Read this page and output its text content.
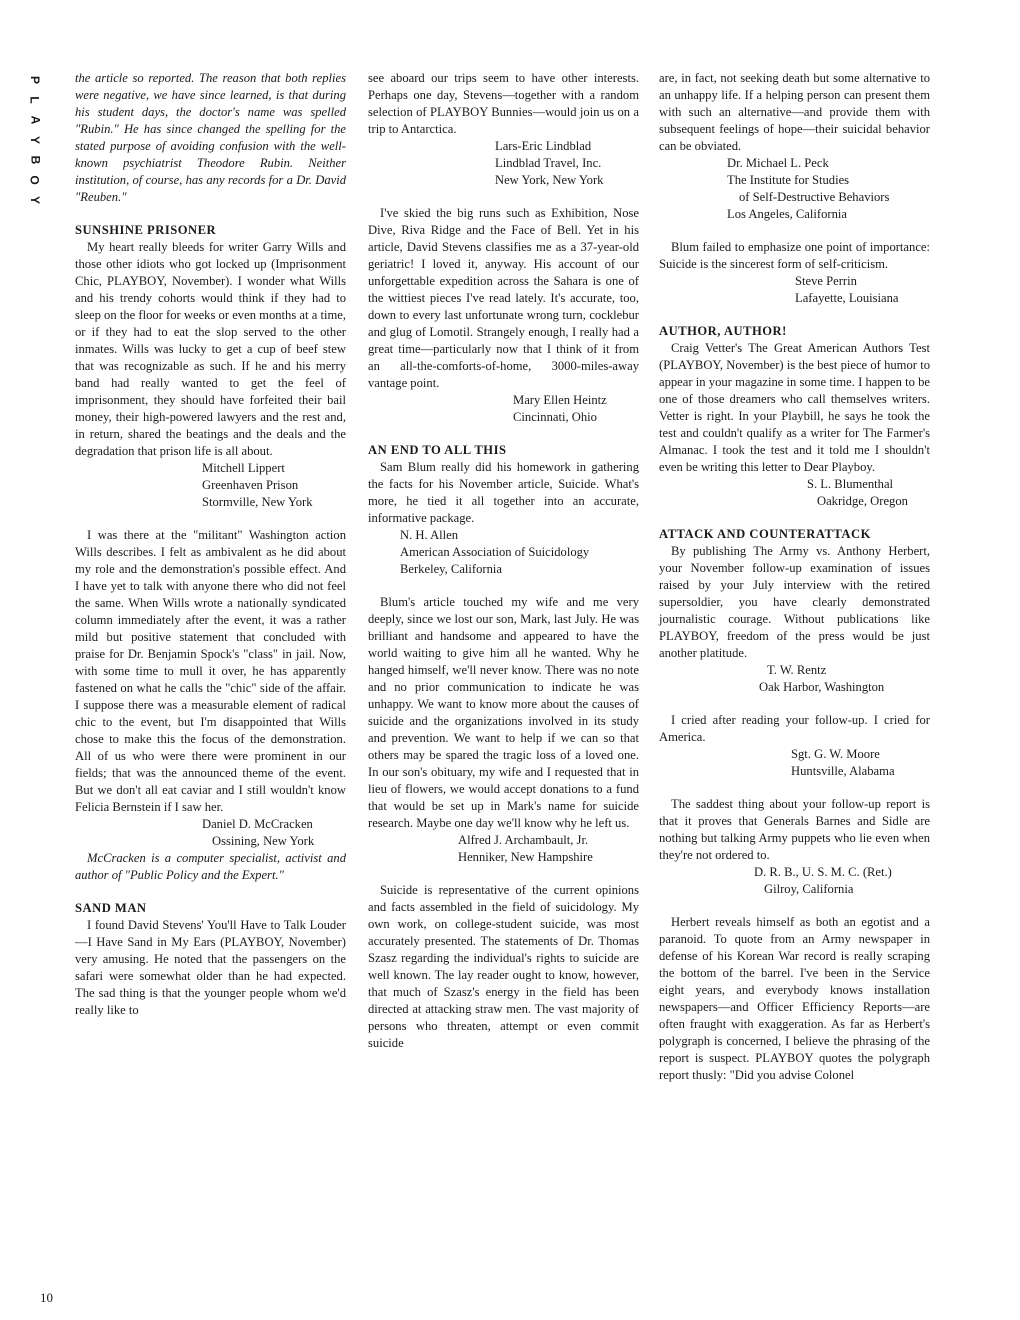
P
L
A
Y
B
O
Y
10

the article so reported. The reason that both replies were negative, we have since learned, is that during his student days, the doctor's name was spelled "Rubin." He has since changed the spelling for the stated purpose of avoiding confusion with the well-known psychiatrist Theodore Rubin. Neither institution, of course, has any records for a Dr. David "Reuben."

SUNSHINE PRISONER

My heart really bleeds for writer Garry Wills and those other idiots who got locked up (Imprisonment Chic, PLAYBOY, November). I wonder what Wills and his trendy cohorts would think if they had to sleep on the floor for weeks or even months at a time, or if they had to eat the slop served to the other inmates. Wills was lucky to get a cup of beef stew that was recognizable as such. If he and his merry band had really wanted to get the feel of imprisonment, they should have forfeited their bail money, their high-powered lawyers and the rest and, in return, shared the beatings and the deals and the degradation that prison life is all about.

Mitchell Lippert
Greenhaven Prison
Stormville, New York

I was there at the "militant" Washington action Wills describes. I felt as ambivalent as he did about my role and the demonstration's possible effect. And I have yet to talk with anyone there who did not feel the same. When Wills wrote a nationally syndicated column immediately after the event, it was a rather mild but positive statement that concluded with praise for Dr. Benjamin Spock's "class" in jail. Now, with some time to mull it over, he has apparently fastened on what he calls the "chic" side of the affair. I suppose there was a measurable element of radical chic to the event, but I'm disappointed that Wills chose to make this the focus of the demonstration. All of us who were there were prominent in our fields; that was the announced theme of the event. But we don't all eat caviar and I still wouldn't know Felicia Bernstein if I saw her.

Daniel D. McCracken
Ossining, New York

McCracken is a computer specialist, activist and author of "Public Policy and the Expert."

SAND MAN

I found David Stevens' You'll Have to Talk Louder—I Have Sand in My Ears (PLAYBOY, November) very amusing. He noted that the passengers on the safari were somewhat older than he had expected. The sad thing is that the younger people whom we'd really like to

see aboard our trips seem to have other interests. Perhaps one day, Stevens—together with a random selection of PLAYBOY Bunnies—would join us on a trip to Antarctica.

Lars-Eric Lindblad
Lindblad Travel, Inc.
New York, New York

I've skied the big runs such as Exhibition, Nose Dive, Riva Ridge and the Face of Bell. Yet in his article, David Stevens classifies me as a 37-year-old geriatric! I loved it, anyway. His account of our unforgettable expedition across the Sahara is one of the wittiest pieces I've read lately. It's accurate, too, down to every last unfortunate wrong turn, cocklebur and glug of Lomotil. Strangely enough, I really had a great time—particularly now that I think of it from an all-the-comforts-of-home, 3000-miles-away vantage point.

Mary Ellen Heintz
Cincinnati, Ohio
AN END TO ALL THIS

Sam Blum really did his homework in gathering the facts for his November article, Suicide. What's more, he tied it all together into an accurate, informative package.

N. H. Allen
American Association of Suicidology
Berkeley, California

Blum's article touched my wife and me very deeply, since we lost our son, Mark, last July. He was brilliant and handsome and appeared to have the world waiting to give him all he wanted. Why he hanged himself, we'll never know. There was no note and no prior communication to indicate he was unhappy. We want to know more about the causes of suicide and the organizations involved in its study and prevention. We want to help if we can so that others may be spared the tragic loss of a loved one. In our son's obituary, my wife and I requested that in lieu of flowers, we would accept donations to a fund that would be set up in Mark's name for suicide research. Maybe one day we'll know why he left us.

Alfred J. Archambault, Jr.
Henniker, New Hampshire

Suicide is representative of the current opinions and facts assembled in the field of suicidology. My own work, on college-student suicide, was most accurately presented. The statements of Dr. Thomas Szasz regarding the individual's rights to suicide are well known. The lay reader ought to know, however, that much of Szasz's energy in the field has been directed at attacking straw men. The vast majority of persons who threaten, attempt or even commit suicide

are, in fact, not seeking death but some alternative to an unhappy life. If a helping person can present them with such an alternative—and provide them with subsequent feelings of hope—their suicidal behavior can be obviated.

Dr. Michael L. Peck
The Institute for Studies
of Self-Destructive Behaviors
Los Angeles, California

Blum failed to emphasize one point of importance: Suicide is the sincerest form of self-criticism.

Steve Perrin
Lafayette, Louisiana
AUTHOR, AUTHOR!

Craig Vetter's The Great American Authors Test (PLAYBOY, November) is the best piece of humor to appear in your magazine in some time. I happen to be one of those dreamers who call themselves writers. Vetter is right. In your Playbill, he says he took the test and couldn't qualify as a writer for The Farmer's Almanac. I took the test and it told me I shouldn't even be writing this letter to Dear Playboy.

S. L. Blumenthal
Oakridge, Oregon
ATTACK AND COUNTERATTACK

By publishing The Army vs. Anthony Herbert, your November follow-up examination of issues raised by your July interview with the retired supersoldier, you have clearly demonstrated journalistic courage. Without publications like PLAYBOY, freedom of the press would be just another platitude.

T. W. Rentz
Oak Harbor, Washington

I cried after reading your follow-up. I cried for America.

Sgt. G. W. Moore
Huntsville, Alabama

The saddest thing about your follow-up report is that it proves that Generals Barnes and Sidle are nothing but talking Army puppets who lie even when they're not ordered to.

D. R. B., U. S. M. C. (Ret.)
Gilroy, California

Herbert reveals himself as both an egotist and a paranoid. To quote from an Army newspaper in defense of his Korean War record is really scraping the bottom of the barrel. I've been in the Service eight years, and everybody knows installation newspapers—and Officer Efficiency Reports—are often fraught with exaggeration. As far as Herbert's polygraph is concerned, I believe the phrasing of the report is suspect. PLAYBOY quotes the polygraph report thusly: "Did you advise Colonel
